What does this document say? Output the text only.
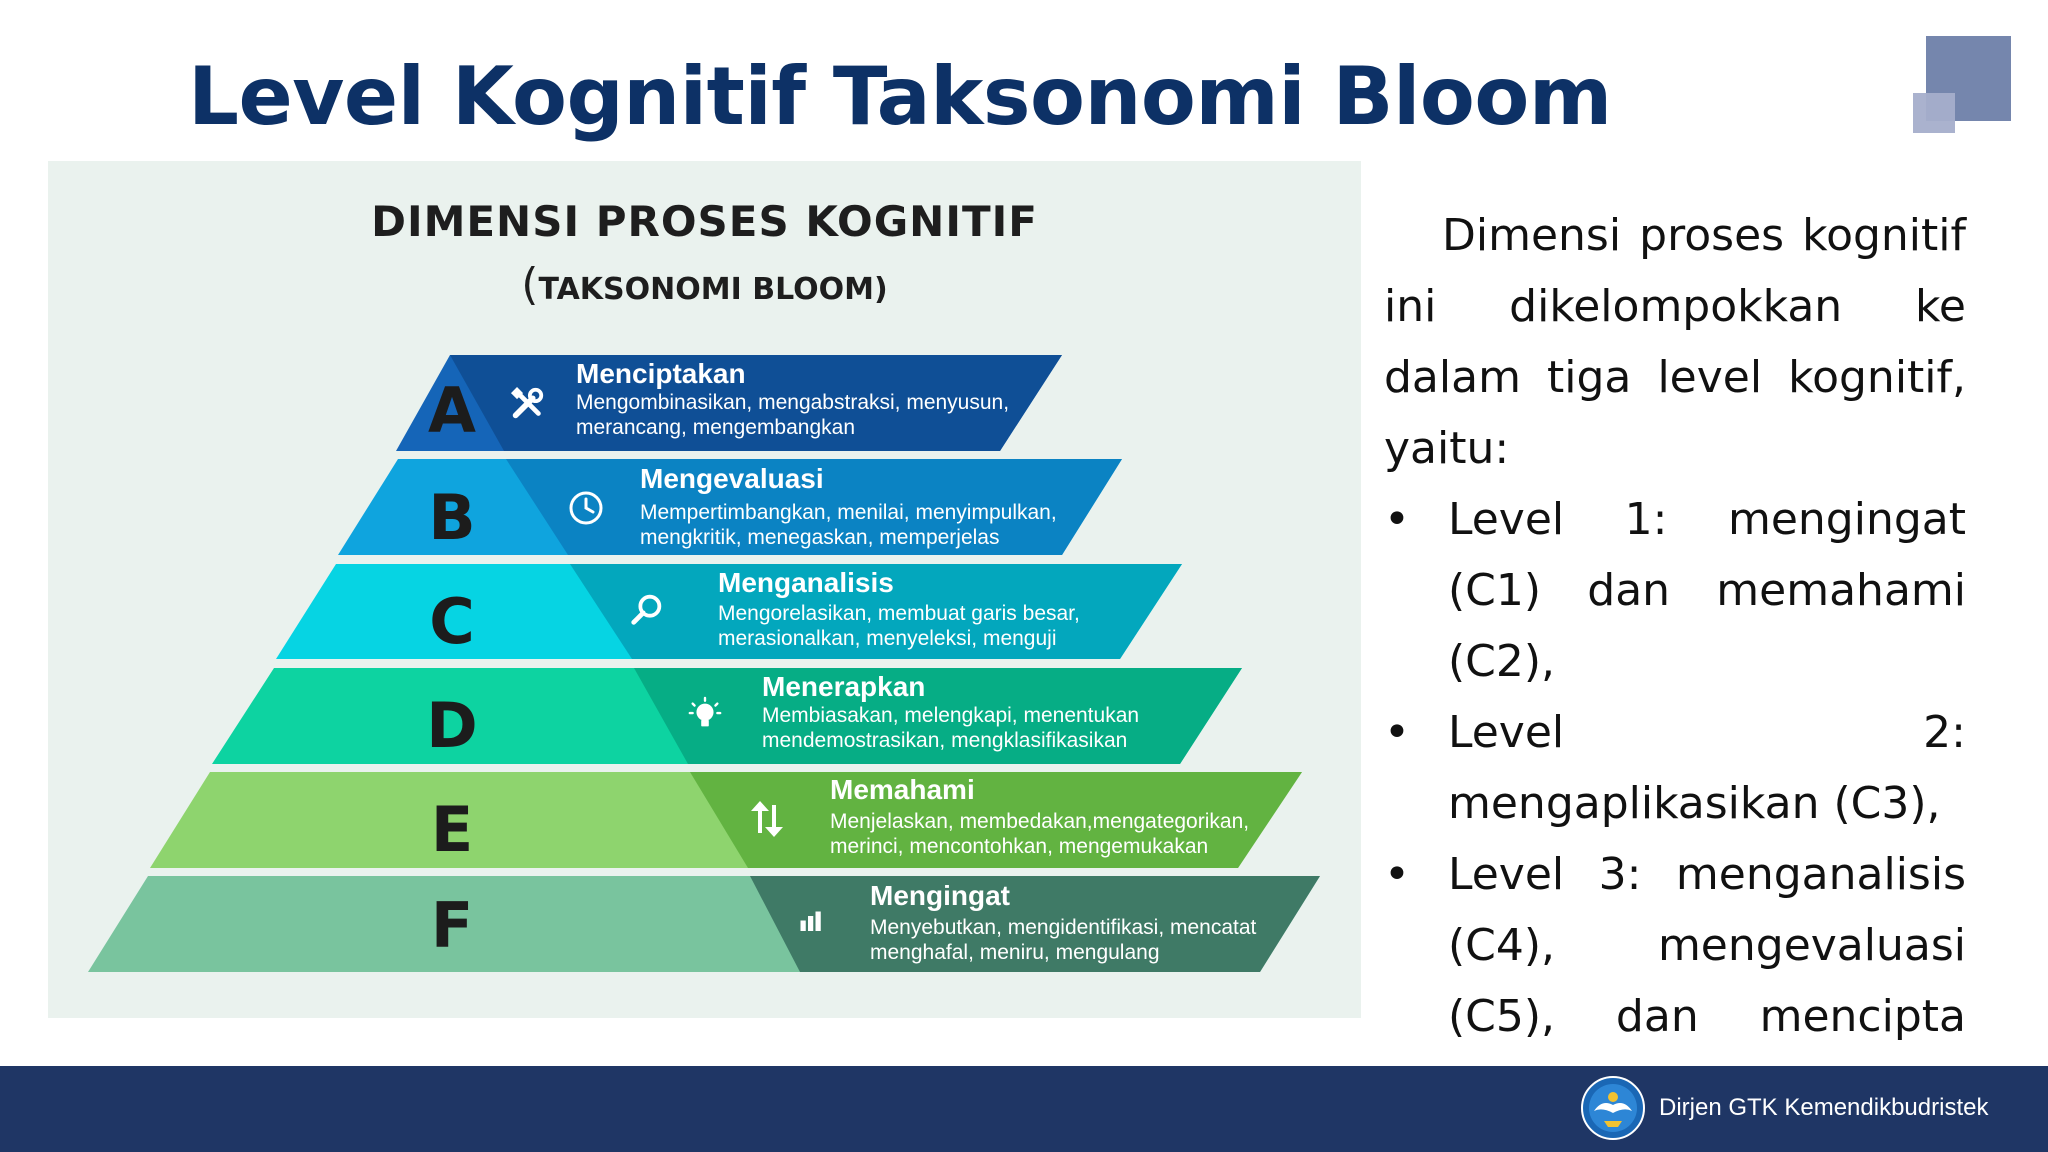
Level Kognitif Taksonomi Bloom
DIMENSI PROSES KOGNITIF
(TAKSONOMI BLOOM)
A
Menciptakan
Mengombinasikan, mengabstraksi, menyusun,
merancang, mengembangkan
B
Mengevaluasi
Mempertimbangkan, menilai, menyimpulkan,
mengkritik, menegaskan, memperjelas
C
Menganalisis
Mengorelasikan, membuat garis besar,
merasionalkan, menyeleksi, menguji
D
Menerapkan
Membiasakan, melengkapi, menentukan
mendemostrasikan, mengklasifikasikan
E
Memahami
Menjelaskan, membedakan,mengategorikan,
merinci, mencontohkan, mengemukakan
F	Mengingat
Menyebutkan, mengidentifikasi, mencatat
menghafal, meniru, mengulang

Dimensi proses kognitif ini dikelompokkan ke dalam tiga level kognitif, yaitu:

• Level 1: mengingat (C1) dan memahami (C2),
• Level 2: mengaplikasikan (C3),
• Level 3: menganalisis (C4), mengevaluasi (C5), dan mencipta
Dirjen GTK Kemendikbudristek
